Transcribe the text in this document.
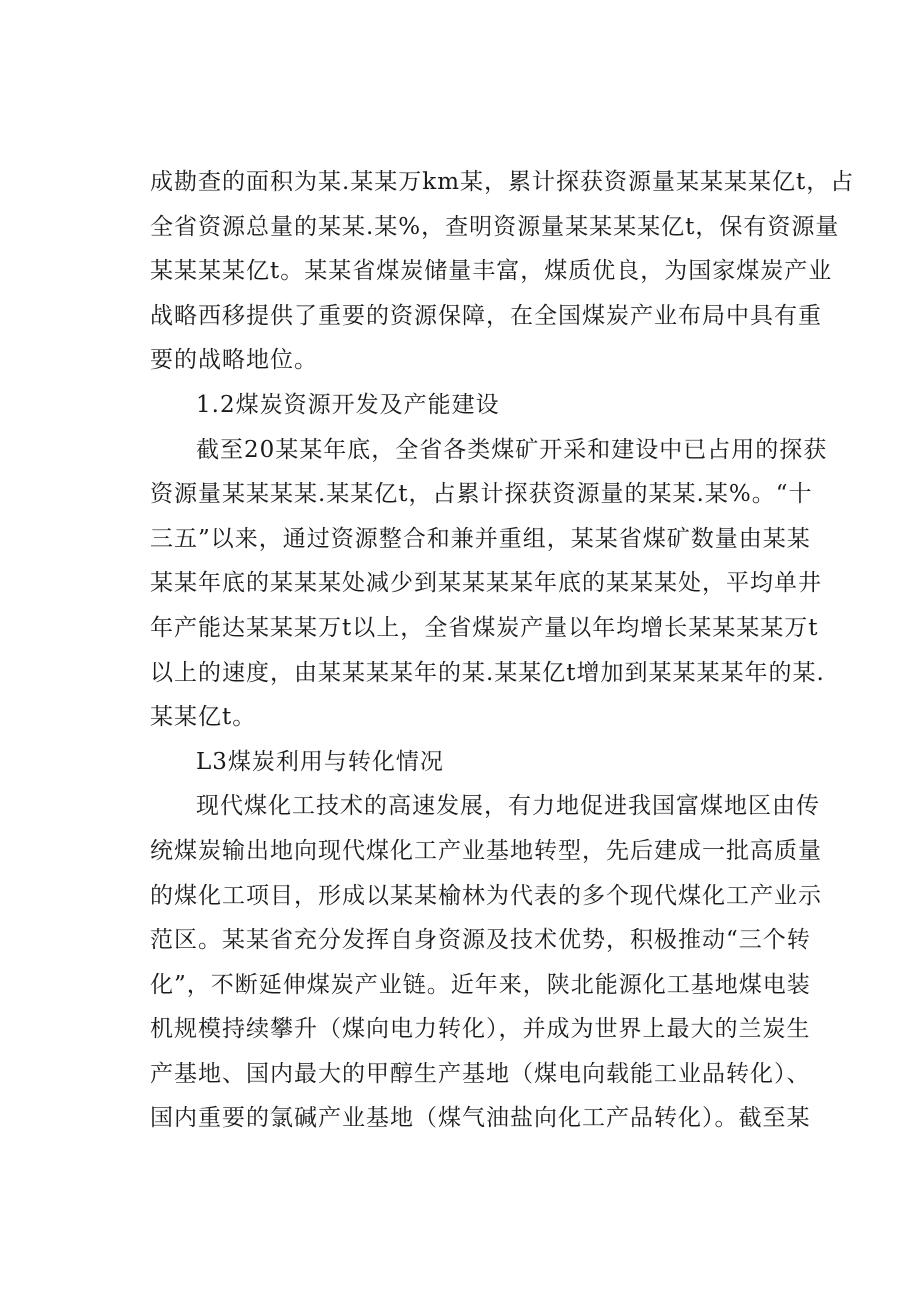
成勘查的面积为某.某某万km某，累计探获资源量某某某某亿t，占
全省资源总量的某某.某%，查明资源量某某某某亿t，保有资源量
某某某某亿t。某某省煤炭储量丰富，煤质优良，为国家煤炭产业
战略西移提供了重要的资源保障，在全国煤炭产业布局中具有重
要的战略地位。
1.2煤炭资源开发及产能建设
截至20某某年底，全省各类煤矿开采和建设中已占用的探获
资源量某某某某.某某亿t，占累计探获资源量的某某.某%。“十
三五”以来，通过资源整合和兼并重组，某某省煤矿数量由某某
某某年底的某某某处减少到某某某某年底的某某某处，平均单井
年产能达某某某万t以上，全省煤炭产量以年均增长某某某某万t
以上的速度，由某某某某年的某.某某亿t增加到某某某某年的某.
某某亿t。
L3煤炭利用与转化情况
现代煤化工技术的高速发展，有力地促进我国富煤地区由传
统煤炭输出地向现代煤化工产业基地转型，先后建成一批高质量
的煤化工项目，形成以某某榆林为代表的多个现代煤化工产业示
范区。某某省充分发挥自身资源及技术优势，积极推动“三个转
化”，不断延伸煤炭产业链。近年来，陕北能源化工基地煤电装
机规模持续攀升（煤向电力转化），并成为世界上最大的兰炭生
产基地、国内最大的甲醇生产基地（煤电向载能工业品转化）、
国内重要的氯碱产业基地（煤气油盐向化工产品转化）。截至某
